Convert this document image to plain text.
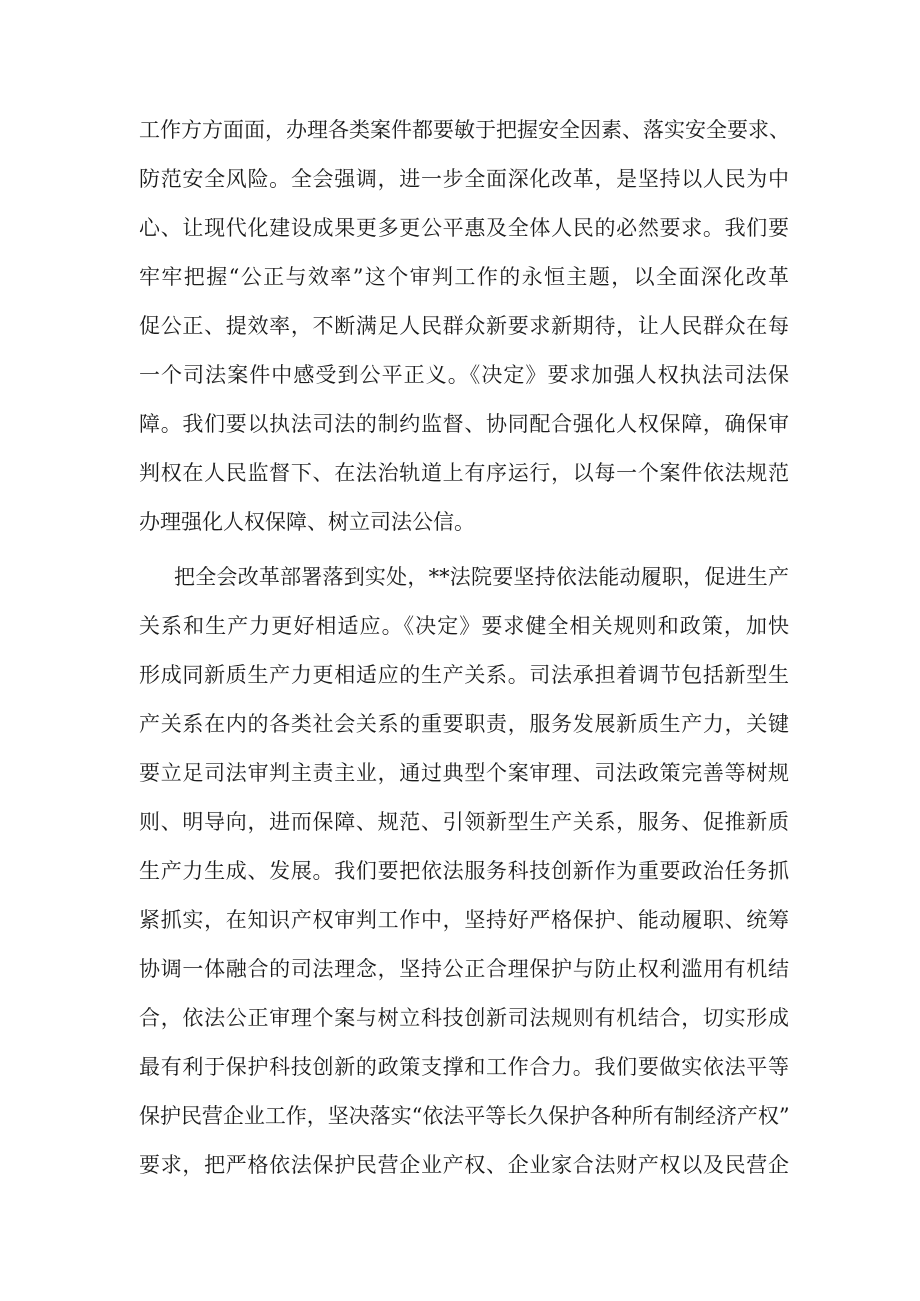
工作方方面面，办理各类案件都要敏于把握安全因素、落实安全要求、
防范安全风险。全会强调，进一步全面深化改革，是坚持以人民为中
心、让现代化建设成果更多更公平惠及全体人民的必然要求。我们要
牢牢把握“公正与效率”这个审判工作的永恒主题，以全面深化改革
促公正、提效率，不断满足人民群众新要求新期待，让人民群众在每
一个司法案件中感受到公平正义。《决定》要求加强人权执法司法保
障。我们要以执法司法的制约监督、协同配合强化人权保障，确保审
判权在人民监督下、在法治轨道上有序运行，以每一个案件依法规范
办理强化人权保障、树立司法公信。
把全会改革部署落到实处，**法院要坚持依法能动履职，促进生产
关系和生产力更好相适应。《决定》要求健全相关规则和政策，加快
形成同新质生产力更相适应的生产关系。司法承担着调节包括新型生
产关系在内的各类社会关系的重要职责，服务发展新质生产力，关键
要立足司法审判主责主业，通过典型个案审理、司法政策完善等树规
则、明导向，进而保障、规范、引领新型生产关系，服务、促推新质
生产力生成、发展。我们要把依法服务科技创新作为重要政治任务抓
紧抓实，在知识产权审判工作中，坚持好严格保护、能动履职、统筹
协调一体融合的司法理念，坚持公正合理保护与防止权利滥用有机结
合，依法公正审理个案与树立科技创新司法规则有机结合，切实形成
最有利于保护科技创新的政策支撑和工作合力。我们要做实依法平等
保护民营企业工作，坚决落实“依法平等长久保护各种所有制经济产权”
要求，把严格依法保护民营企业产权、企业家合法财产权以及民营企
